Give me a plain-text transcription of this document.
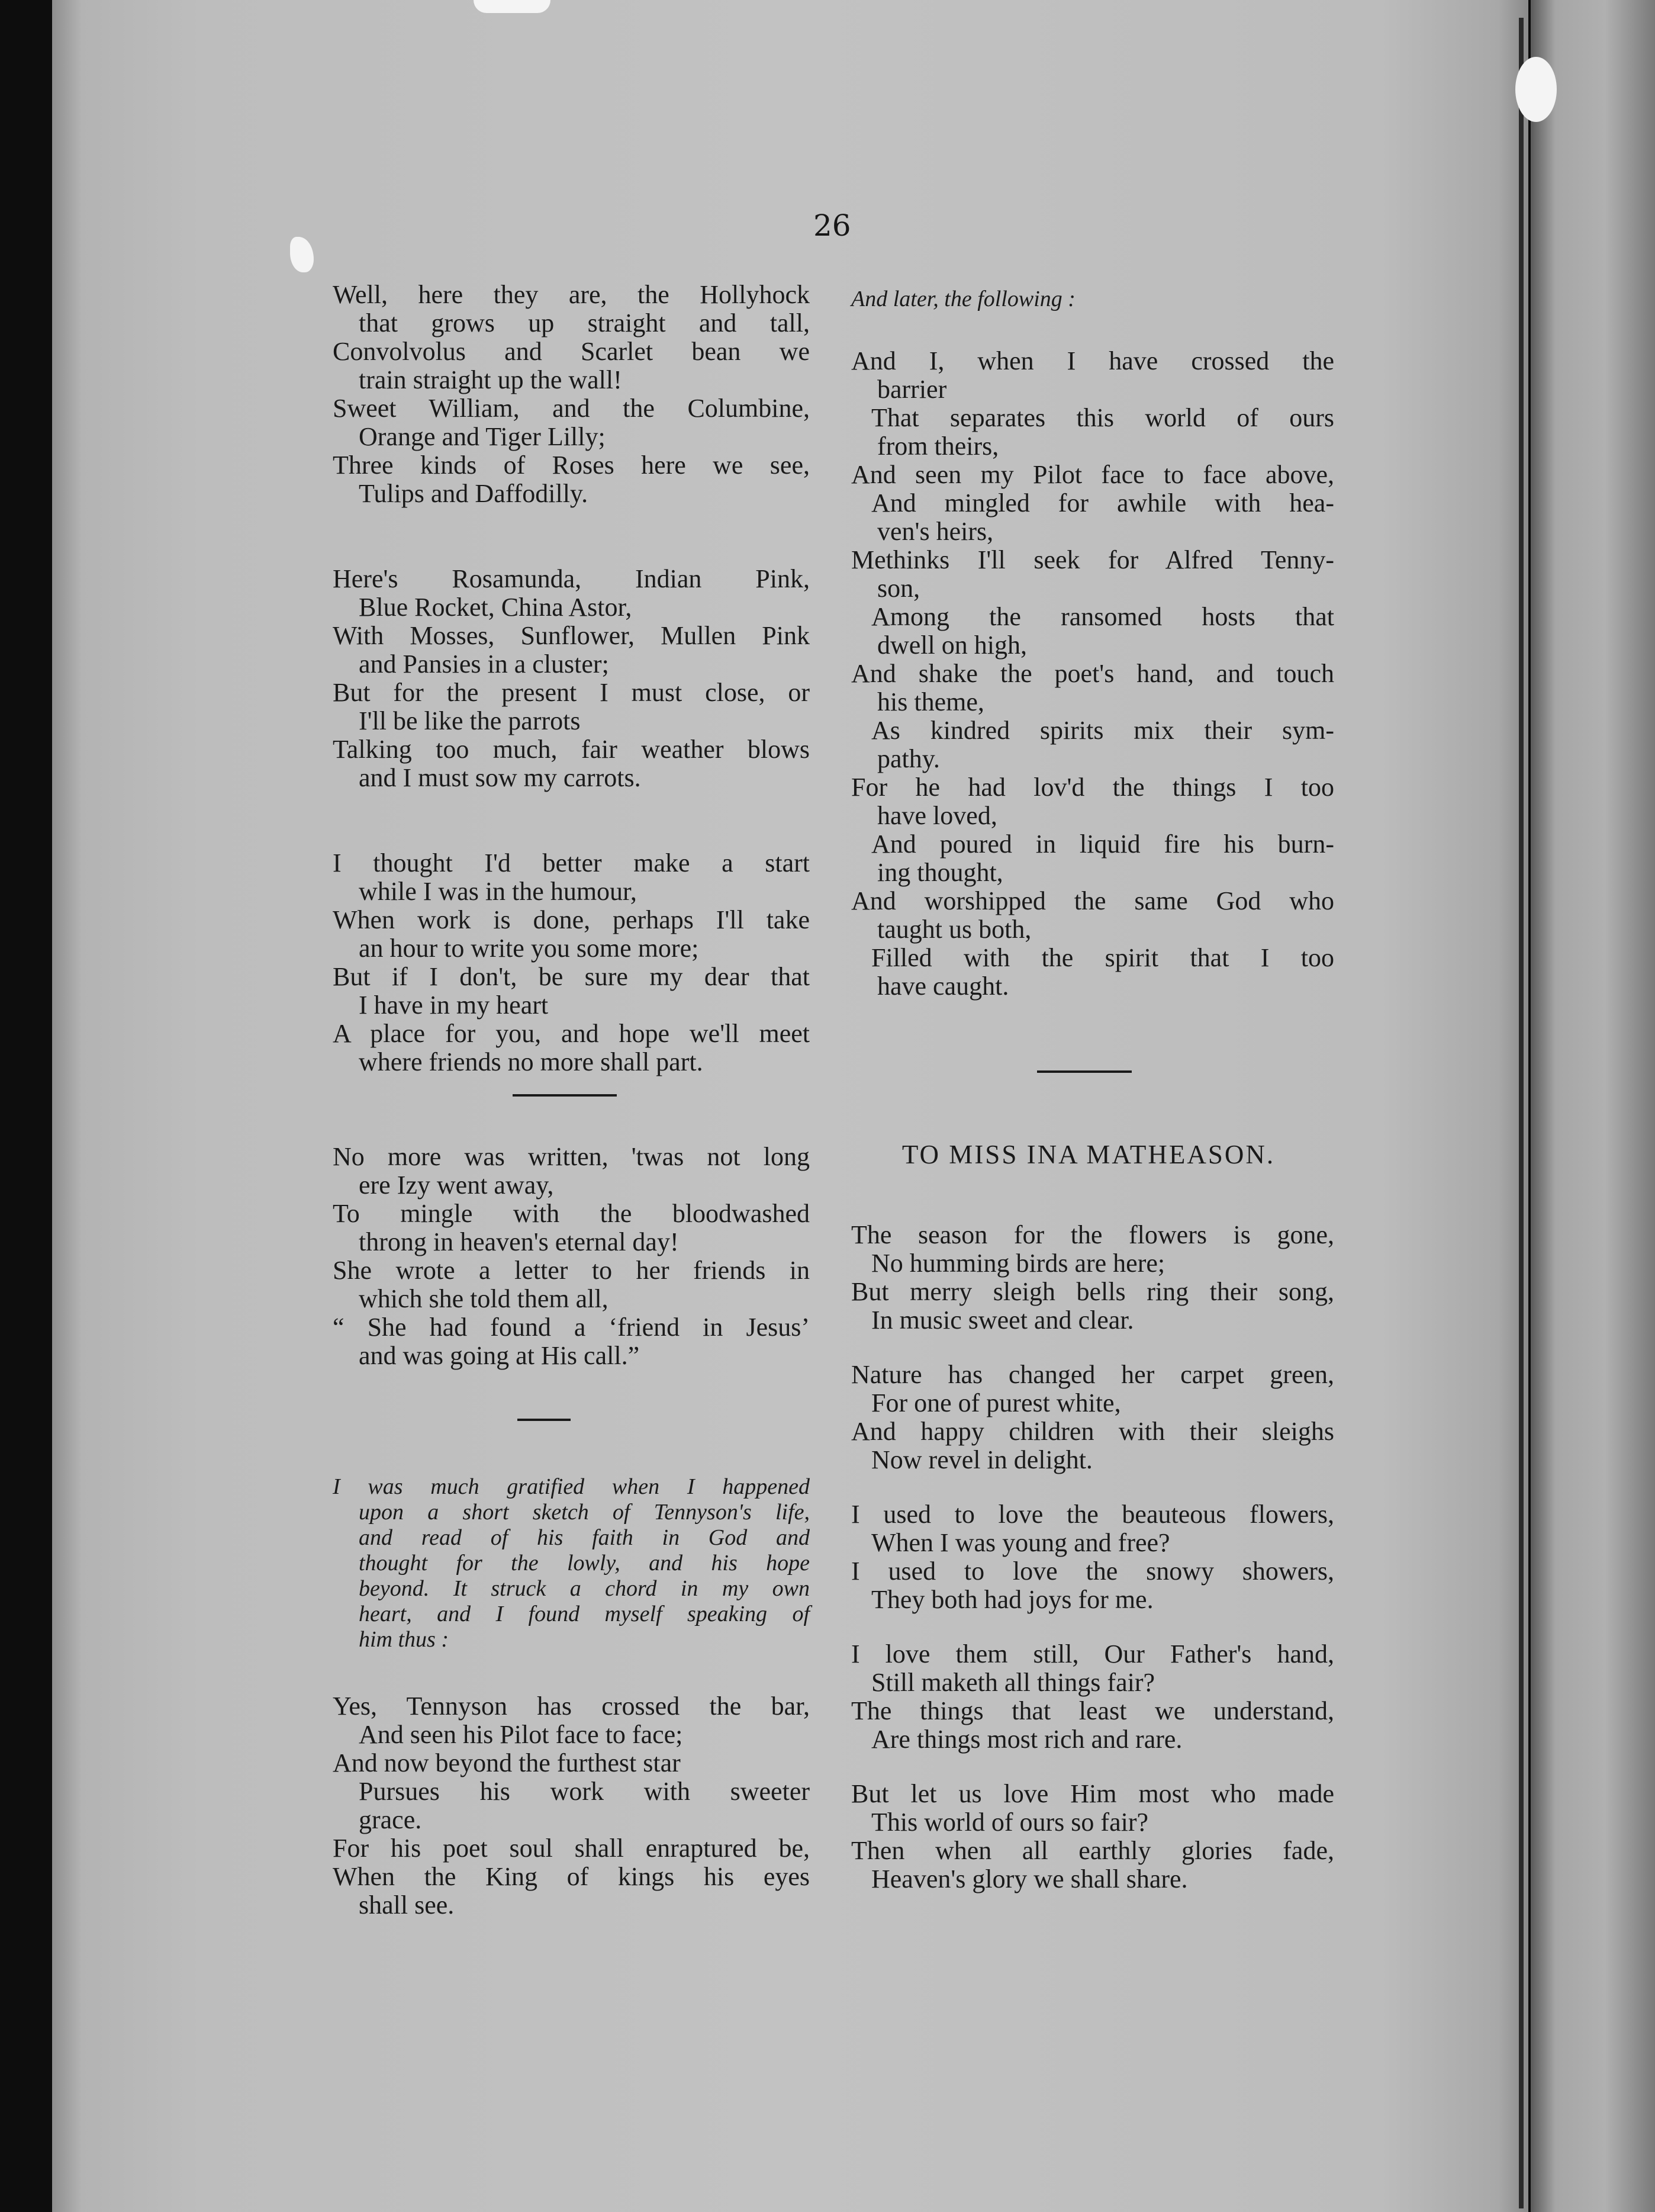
26
Well, here they are, the Hollyhock
that grows up straight and tall,
Convolvolus and Scarlet bean we
train straight up the wall!
Sweet William, and the Columbine,
Orange and Tiger Lilly;
Three kinds of Roses here we see,
Tulips and Daffodilly.
Here's Rosamunda, Indian Pink,
Blue Rocket, China Astor,
With Mosses, Sunflower, Mullen Pink
and Pansies in a cluster;
But for the present I must close, or
I'll be like the parrots
Talking too much, fair weather blows
and I must sow my carrots.
I thought I'd better make a start
while I was in the humour,
When work is done, perhaps I'll take
an hour to write you some more;
But if I don't, be sure my dear that
I have in my heart
A place for you, and hope we'll meet
where friends no more shall part.
No more was written, 'twas not long
ere Izy went away,
To mingle with the bloodwashed
throng in heaven's eternal day!
She wrote a letter to her friends in
which she told them all,
“ She had found a ‘friend in Jesus’
and was going at His call.”
I was much gratified when I happened
upon a short sketch of Tennyson's life,
and read of his faith in God and
thought for the lowly, and his hope
beyond. It struck a chord in my own
heart, and I found myself speaking of
him thus :
Yes, Tennyson has crossed the bar,
And seen his Pilot face to face;
And now beyond the furthest star
Pursues his work with sweeter
grace.
For his poet soul shall enraptured be,
When the King of kings his eyes
shall see.
And later, the following :
And I, when I have crossed the
barrier
That separates this world of ours
from theirs,
And seen my Pilot face to face above,
And mingled for awhile with hea-
ven's heirs,
Methinks I'll seek for Alfred Tenny-
son,
Among the ransomed hosts that
dwell on high,
And shake the poet's hand, and touch
his theme,
As kindred spirits mix their sym-
pathy.
For he had lov'd the things I too
have loved,
And poured in liquid fire his burn-
ing thought,
And worshipped the same God who
taught us both,
Filled with the spirit that I too
have caught.
TO MISS INA MATHEASON.
The season for the flowers is gone,
No humming birds are here;
But merry sleigh bells ring their song,
In music sweet and clear.
Nature has changed her carpet green,
For one of purest white,
And happy children with their sleighs
Now revel in delight.
I used to love the beauteous flowers,
When I was young and free?
I used to love the snowy showers,
They both had joys for me.
I love them still, Our Father's hand,
Still maketh all things fair?
The things that least we understand,
Are things most rich and rare.
But let us love Him most who made
This world of ours so fair?
Then when all earthly glories fade,
Heaven's glory we shall share.
